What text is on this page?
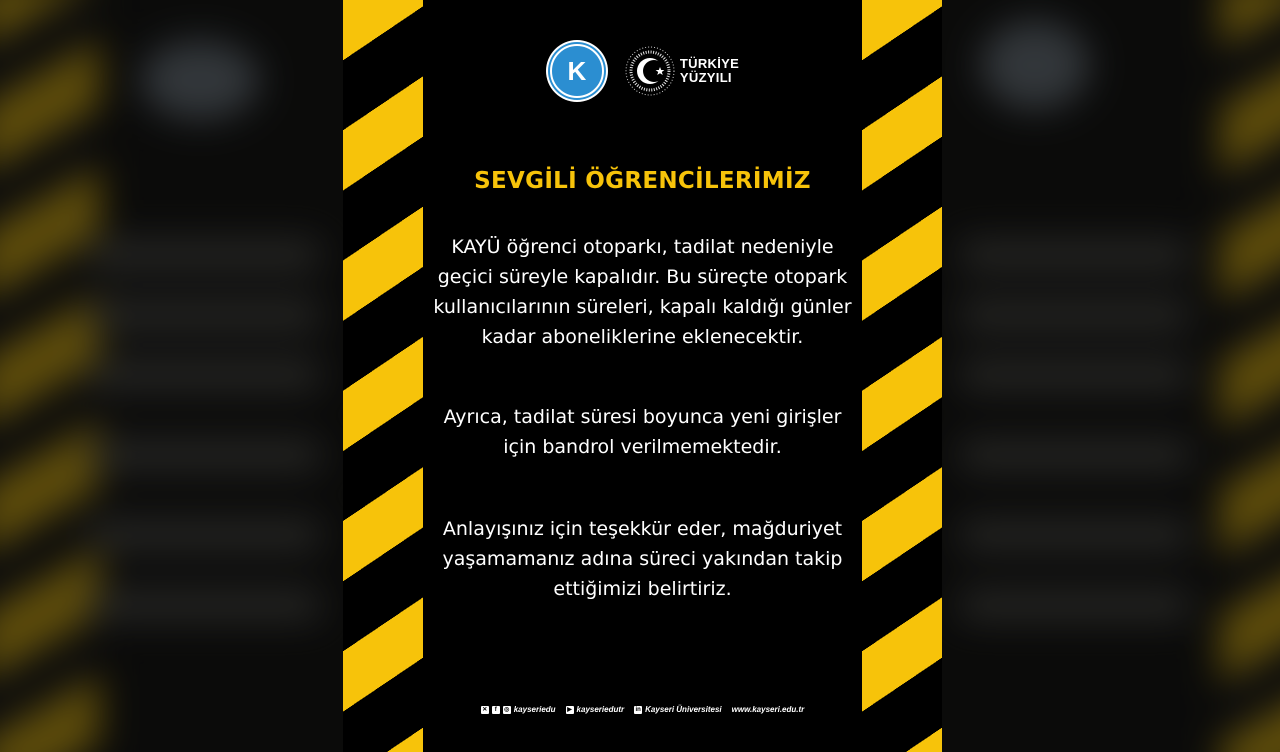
K	TÜRKİYE
YÜZYILI
SEVGİLİ ÖĞRENCİLERİMİZ
KAYÜ öğrenci otoparkı, tadilat nedeniyle geçici süreyle kapalıdır. Bu süreçte otopark kullanıcılarının süreleri, kapalı kaldığı günler kadar aboneliklerine eklenecektir.
Ayrıca, tadilat süresi boyunca yeni girişler için bandrol verilmemektedir.
Anlayışınız için teşekkür eder, mağduriyet yaşamamanız adına süreci yakından takip ettiğimizi belirtiriz.
✕	f	◎ kayseriedu ▶ kayseriedutr in Kayseri Üniversitesi www.kayseri.edu.tr
